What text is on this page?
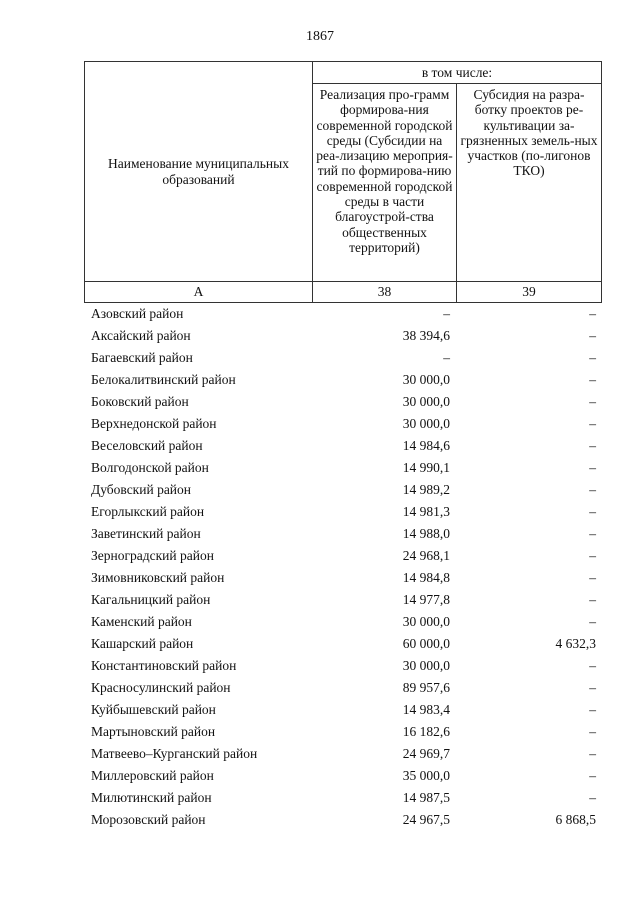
1867
Наименование муниципальных образований	в том числе:	
	Реализация про-грамм формирова-ния современной городской среды (Субсидии на реа-лизацию мероприя-тий по формирова-нию современной городской среды в части благоустрой-ства общественных территорий)	Субсидия на разра-ботку проектов ре-культивации за-грязненных земель-ных участков (по-лигонов ТКО)
А	38	39
Азовский район	–	–
Аксайский район	38 394,6	–
Багаевский район	–	–
Белокалитвинский район	30 000,0	–
Боковский район	30 000,0	–
Верхнедонской район	30 000,0	–
Веселовский район	14 984,6	–
Волгодонской район	14 990,1	–
Дубовский район	14 989,2	–
Егорлыкский район	14 981,3	–
Заветинский район	14 988,0	–
Зерноградский район	24 968,1	–
Зимовниковский район	14 984,8	–
Кагальницкий район	14 977,8	–
Каменский район	30 000,0	–
Кашарский район	60 000,0	4 632,3
Константиновский район	30 000,0	–
Красносулинский район	89 957,6	–
Куйбышевский район	14 983,4	–
Мартыновский район	16 182,6	–
Матвеево–Курганский район	24 969,7	–
Миллеровский район	35 000,0	–
Милютинский район	14 987,5	–
Морозовский район	24 967,5	6 868,5
